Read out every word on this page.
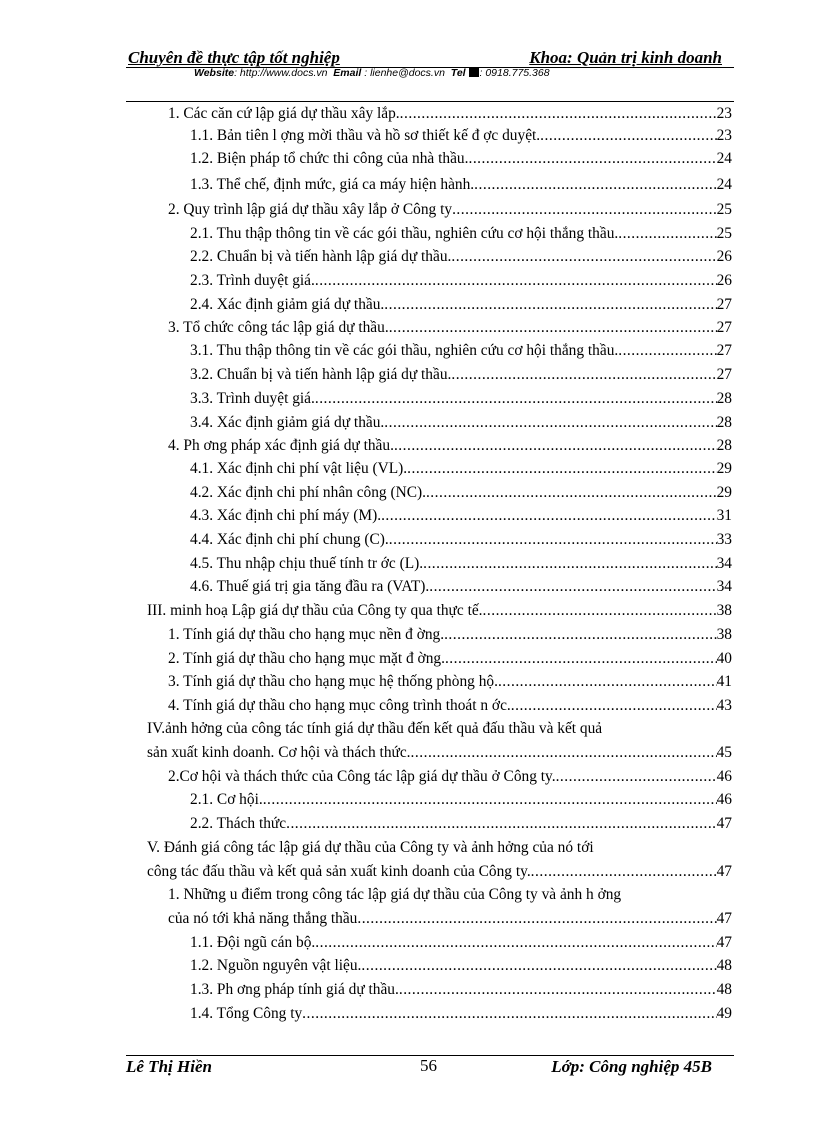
Chuyên đề thực tập tốt nghiệp	Khoa: Quản trị kinh doanh
Website: http://www.docs.vn Email : lienhe@docs.vn Tel : 0918.775.368
1. Các căn cứ lập giá dự thầu xây lắp. .....	23
1.1. Bản tiên l ợng mời thầu và hồ sơ thiết kế đ ợc duyệt. .....	23
1.2. Biện pháp tổ chức thi công của nhà thầu. .....	24
1.3. Thể chế, định mức, giá ca máy hiện hành. .....	24
2. Quy trình lập giá dự thầu xây lắp ở Công ty .....	25
2.1. Thu thập thông tin về các gói thầu, nghiên cứu cơ hội thắng thầu. .....	25
2.2. Chuẩn bị và tiến hành lập giá dự thầu. .....	26
2.3. Trình duyệt giá. .....	26
2.4. Xác định giảm giá dự thầu. .....	27
3. Tổ chức công tác lập giá dự thầu. .....	27
3.1. Thu thập thông tin về các gói thầu, nghiên cứu cơ hội thắng thầu. .....	27
3.2. Chuẩn bị và tiến hành lập giá dự thầu. .....	27
3.3. Trình duyệt giá. .....	28
3.4. Xác định giảm giá dự thầu. .....	28
4. Ph ơng pháp xác định giá dự thầu. .....	28
4.1. Xác định chi phí vật liệu (VL). .....	29
4.2. Xác định chi phí nhân công (NC). .....	29
4.3. Xác định chi phí máy (M). .....	31
4.4. Xác định chi phí chung (C). .....	33
4.5. Thu nhập chịu thuế tính tr ớc (L). .....	34
4.6. Thuế giá trị gia tăng đầu ra (VAT). .....	34
III. minh hoạ Lập giá dự thầu của Công ty qua thực tế. .....	38
1. Tính giá dự thầu cho hạng mục nền đ ờng. .....	38
2. Tính giá dự thầu cho hạng mục mặt đ ờng. .....	40
3. Tính giá dự thầu cho hạng mục hệ thống phòng hộ. .....	41
4. Tính giá dự thầu cho hạng mục công trình thoát n ớc. .....	43
IV.ảnh hởng của công tác tính giá dự thầu đến kết quả đấu thầu và kết quả
sản xuất kinh doanh. Cơ hội và thách thức. .....	45
2.Cơ hội và thách thức của Công tác lập giá dự thầu ở Công ty. .....	46
2.1. Cơ hội. .....	46
2.2. Thách thức .....	47
V. Đánh giá công tác lập giá dự thầu của Công ty và ảnh hởng của nó tới
công tác đấu thầu và kết quả sản xuất kinh doanh của Công ty. .....	47
1. Những u điểm trong công tác lập giá dự thầu của Công ty và ảnh h ởng
của nó tới khả năng thắng thầu .....	47
1.1. Đội ngũ cán bộ. .....	47
1.2. Nguồn nguyên vật liệu. .....	48
1.3. Ph ơng pháp tính giá dự thầu. .....	48
1.4. Tổng Công ty .....	49
Lê Thị Hiền	56	Lớp: Công nghiệp 45B
